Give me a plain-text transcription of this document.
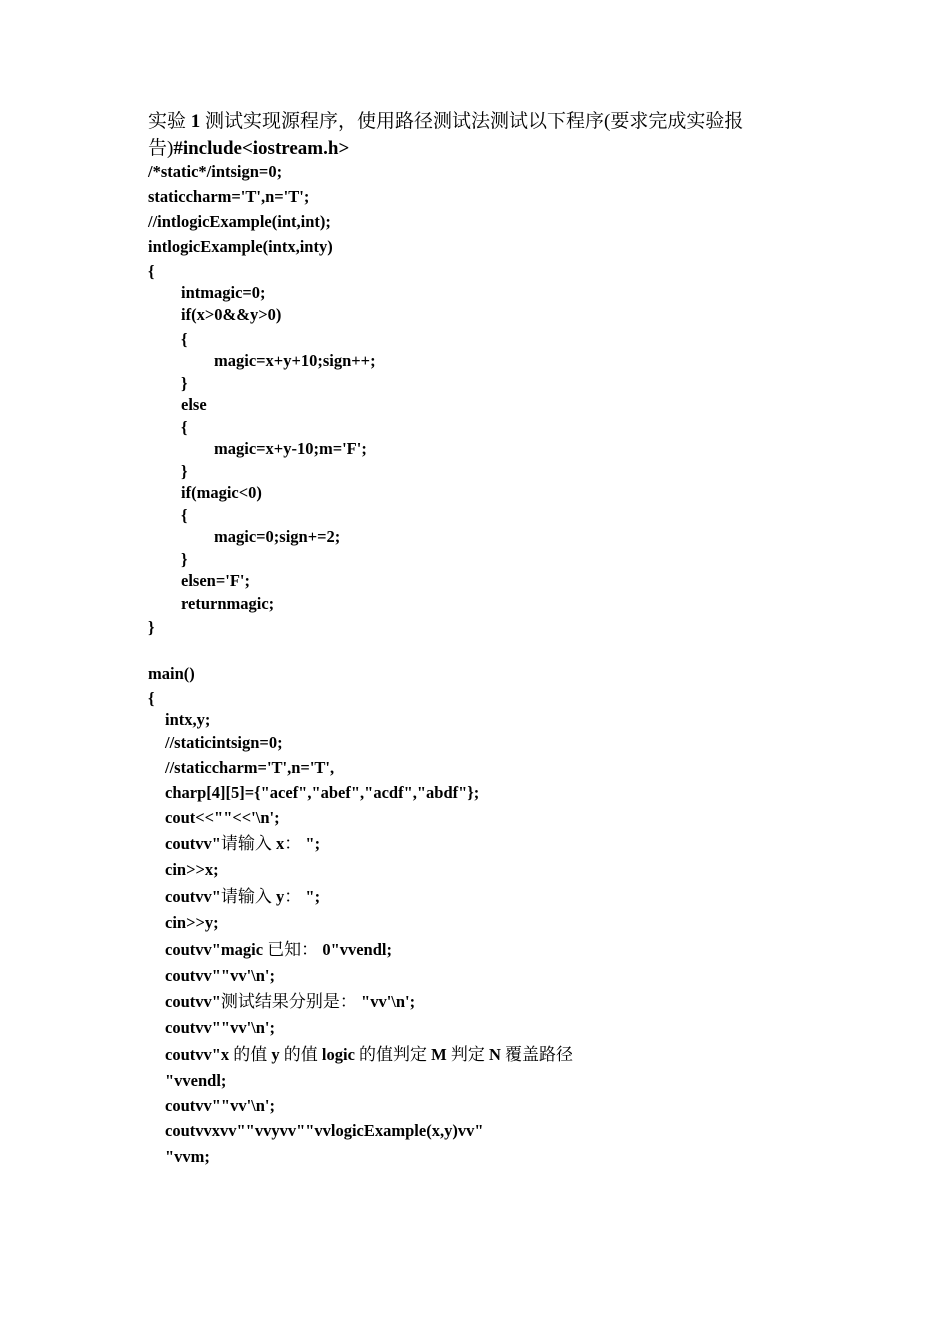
实验 1 测试实现源程序，使用路径测试法测试以下程序(要求完成实验报告)#include<iostream.h>
/*static*/intsign=0;
staticcharm='T',n='T';
//intlogicExample(int,int);
intlogicExample(intx,inty)
{
intmagic=0;
if(x>0&&y>0)
{
magic=x+y+10;sign++;
}
else
{
magic=x+y-10;m='F';
}
if(magic<0)
{
magic=0;sign+=2;
}
elsen='F';
returnmagic;
}
main()
{
intx,y;
//staticintsign=0;
//staticcharm='T',n='T',
charp[4][5]={"acef","abef","acdf","abdf"};
cout<<""<<'\n';
coutvv"请输入 x： ";
cin>>x;
coutvv"请输入 y： ";
cin>>y;
coutvv"magic 已知： 0"vvendl;
coutvv""vv'\n';
coutvv"测试结果分别是： "vv'\n';
coutvv""vv'\n';
coutvv"x 的值 y 的值 logic 的值判定 M 判定 N 覆盖路径
"vvendl;
coutvv""vv'\n';
coutvvxvv""vvyvv""vvlogicExample(x,y)vv"
"vvm;
